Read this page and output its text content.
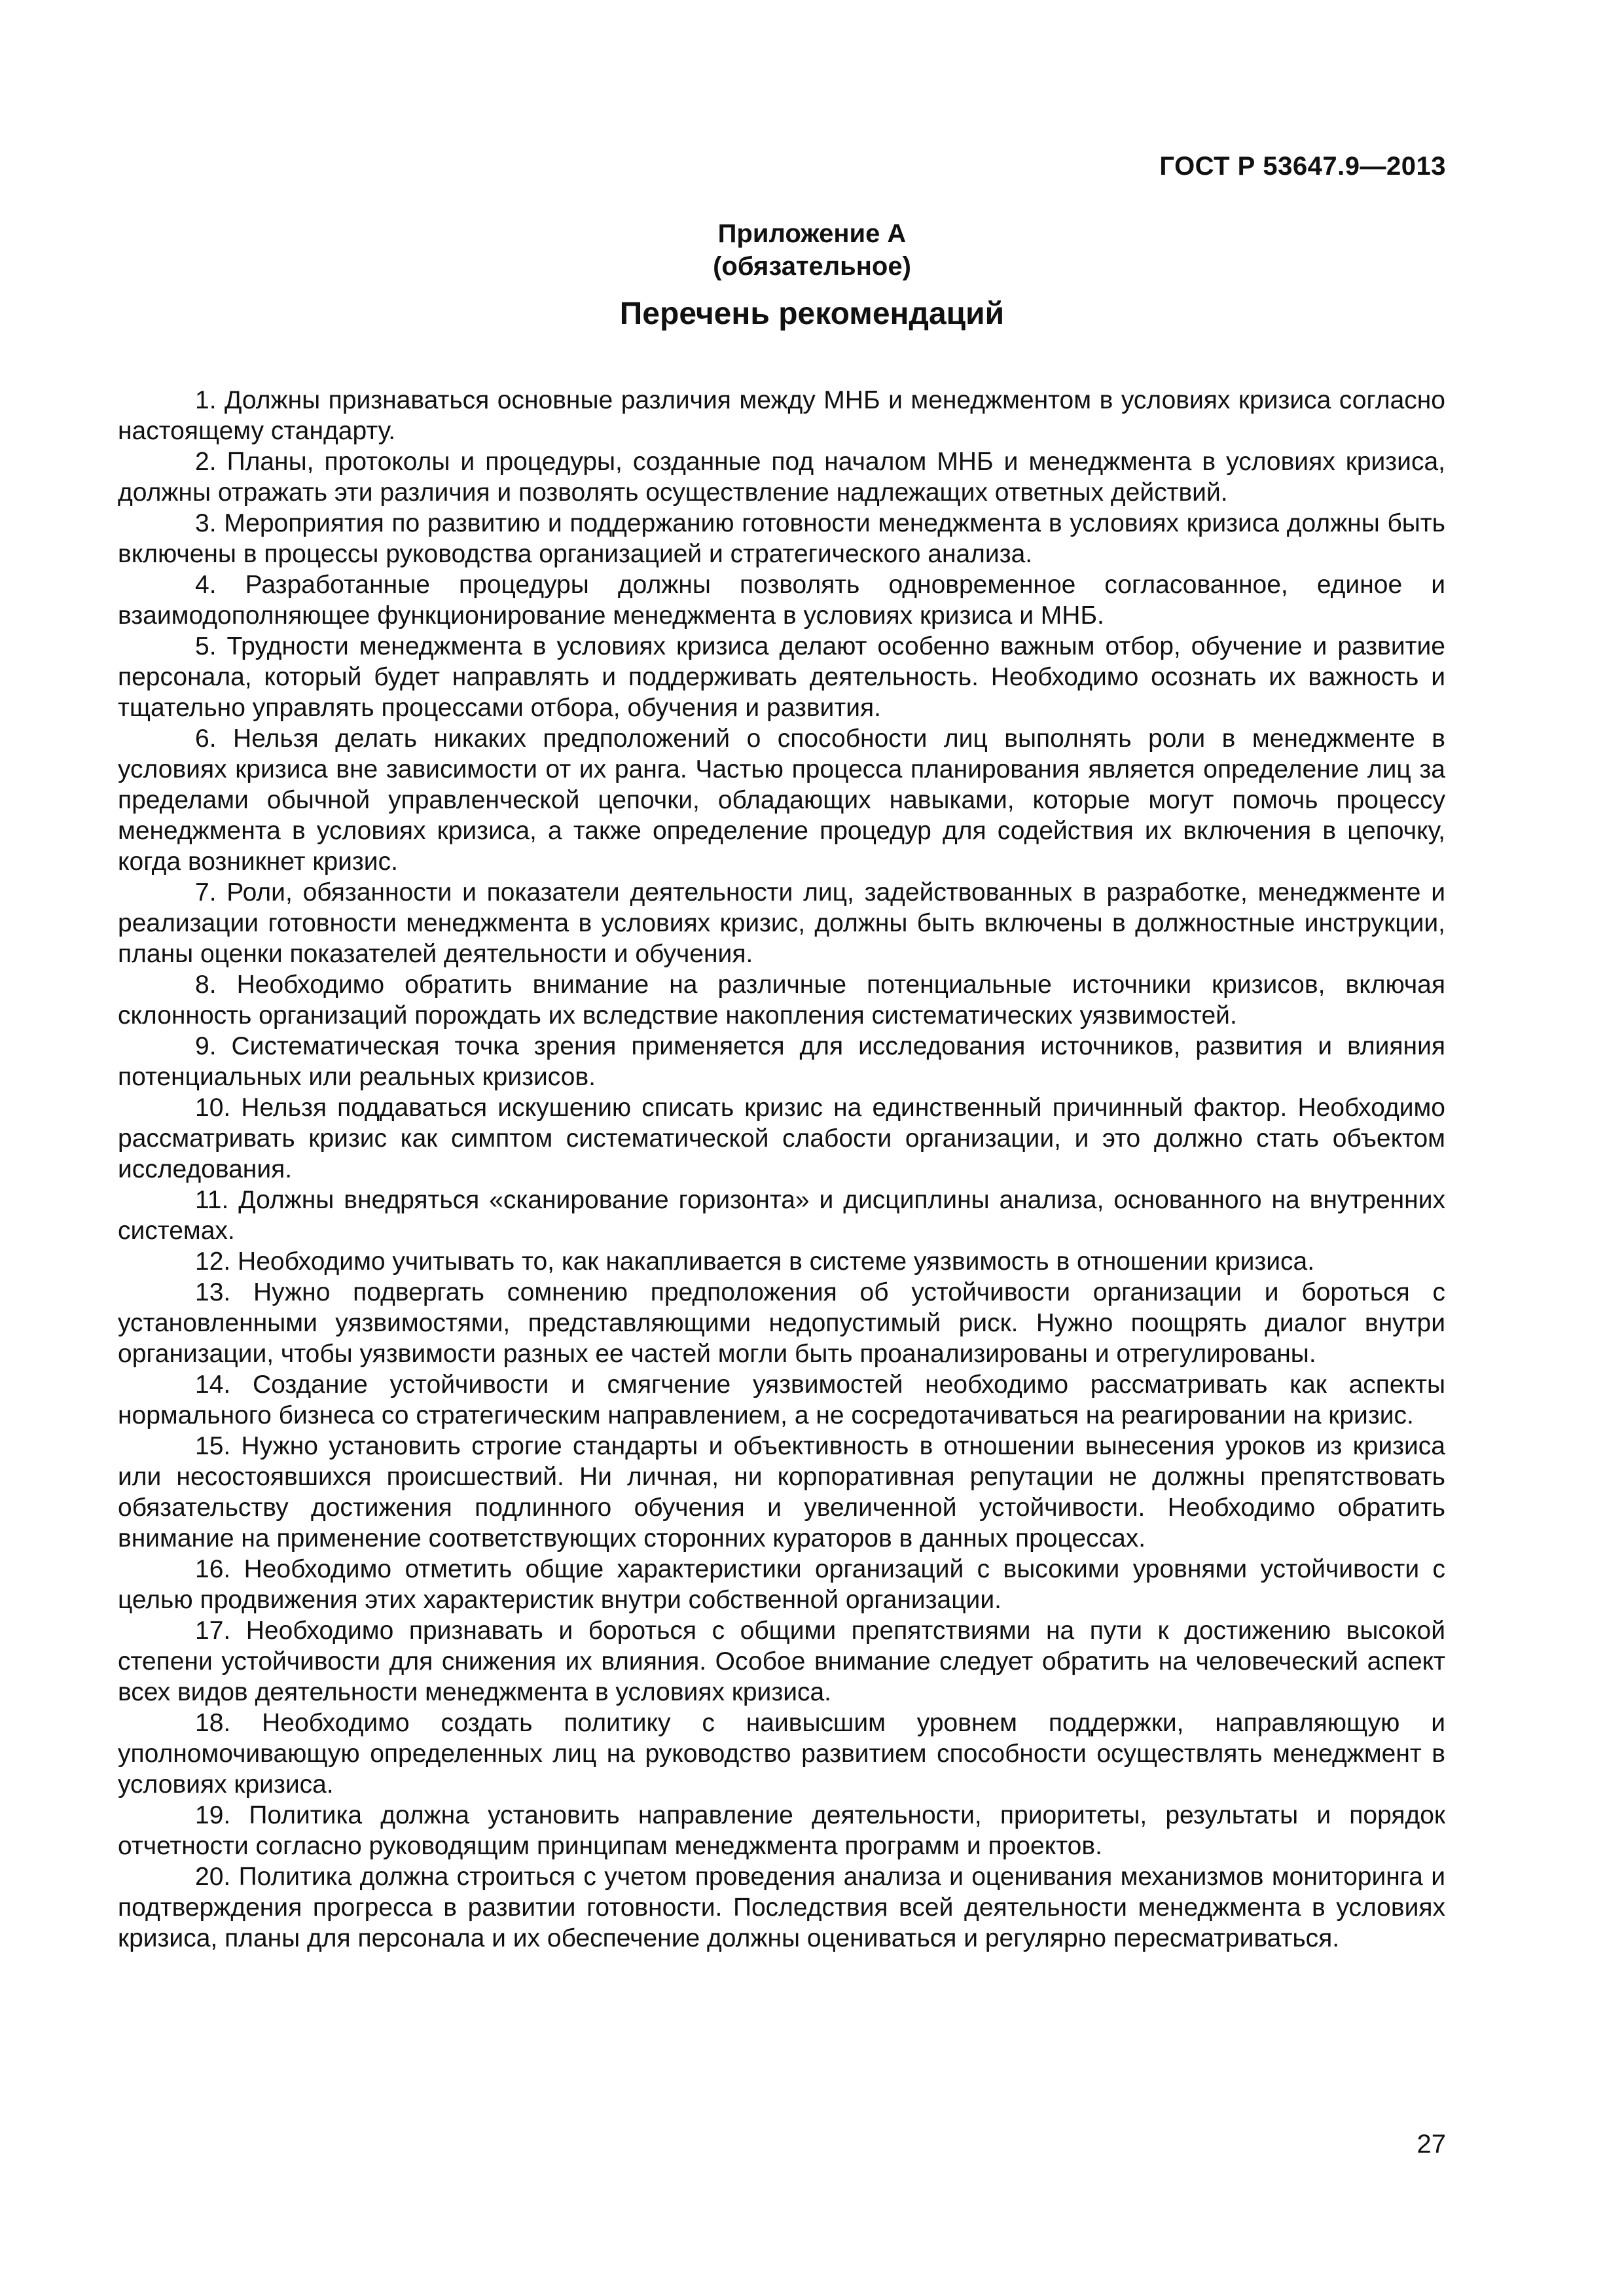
ГОСТ Р 53647.9—2013
Приложение А
(обязательное)
Перечень рекомендаций

1. Должны признаваться основные различия между МНБ и менеджментом в условиях кризиса согласно настоящему стандарту.

2. Планы, протоколы и процедуры, созданные под началом МНБ и менеджмента в условиях кризиса, должны отражать эти различия и позволять осуществление надлежащих ответных действий.

3. Мероприятия по развитию и поддержанию готовности менеджмента в условиях кризиса должны быть включены в процессы руководства организацией и стратегического анализа.

4. Разработанные процедуры должны позволять одновременное согласованное, единое и взаимодополняющее функционирование менеджмента в условиях кризиса и МНБ.

5. Трудности менеджмента в условиях кризиса делают особенно важным отбор, обучение и развитие персонала, который будет направлять и поддерживать деятельность. Необходимо осознать их важность и тщательно управлять процессами отбора, обучения и развития.

6. Нельзя делать никаких предположений о способности лиц выполнять роли в менеджменте в условиях кризиса вне зависимости от их ранга. Частью процесса планирования является определение лиц за пределами обычной управленческой цепочки, обладающих навыками, которые могут помочь процессу менеджмента в условиях кризиса, а также определение процедур для содействия их включения в цепочку, когда возникнет кризис.

7. Роли, обязанности и показатели деятельности лиц, задействованных в разработке, менеджменте и реализации готовности менеджмента в условиях кризис, должны быть включены в должностные инструкции, планы оценки показателей деятельности и обучения.

8. Необходимо обратить внимание на различные потенциальные источники кризисов, включая склонность организаций порождать их вследствие накопления систематических уязвимостей.

9. Систематическая точка зрения применяется для исследования источников, развития и влияния потенциальных или реальных кризисов.

10. Нельзя поддаваться искушению списать кризис на единственный причинный фактор. Необходимо рассматривать кризис как симптом систематической слабости организации, и это должно стать объектом исследования.

11. Должны внедряться «сканирование горизонта» и дисциплины анализа, основанного на внутренних системах.

12. Необходимо учитывать то, как накапливается в системе уязвимость в отношении кризиса.

13. Нужно подвергать сомнению предположения об устойчивости организации и бороться с установленными уязвимостями, представляющими недопустимый риск. Нужно поощрять диалог внутри организации, чтобы уязвимости разных ее частей могли быть проанализированы и отрегулированы.

14. Создание устойчивости и смягчение уязвимостей необходимо рассматривать как аспекты нормального бизнеса со стратегическим направлением, а не сосредотачиваться на реагировании на кризис.

15. Нужно установить строгие стандарты и объективность в отношении вынесения уроков из кризиса или несостоявшихся происшествий. Ни личная, ни корпоративная репутации не должны препятствовать обязательству достижения подлинного обучения и увеличенной устойчивости. Необходимо обратить внимание на применение соответствующих сторонних кураторов в данных процессах.

16. Необходимо отметить общие характеристики организаций с высокими уровнями устойчивости с целью продвижения этих характеристик внутри собственной организации.

17. Необходимо признавать и бороться с общими препятствиями на пути к достижению высокой степени устойчивости для снижения их влияния. Особое внимание следует обратить на человеческий аспект всех видов деятельности менеджмента в условиях кризиса.

18. Необходимо создать политику с наивысшим уровнем поддержки, направляющую и уполномочивающую определенных лиц на руководство развитием способности осуществлять менеджмент в условиях кризиса.

19. Политика должна установить направление деятельности, приоритеты, результаты и порядок отчетности согласно руководящим принципам менеджмента программ и проектов.

20. Политика должна строиться с учетом проведения анализа и оценивания механизмов мониторинга и подтверждения прогресса в развитии готовности. Последствия всей деятельности менеджмента в условиях кризиса, планы для персонала и их обеспечение должны оцениваться и регулярно пересматриваться.

27
